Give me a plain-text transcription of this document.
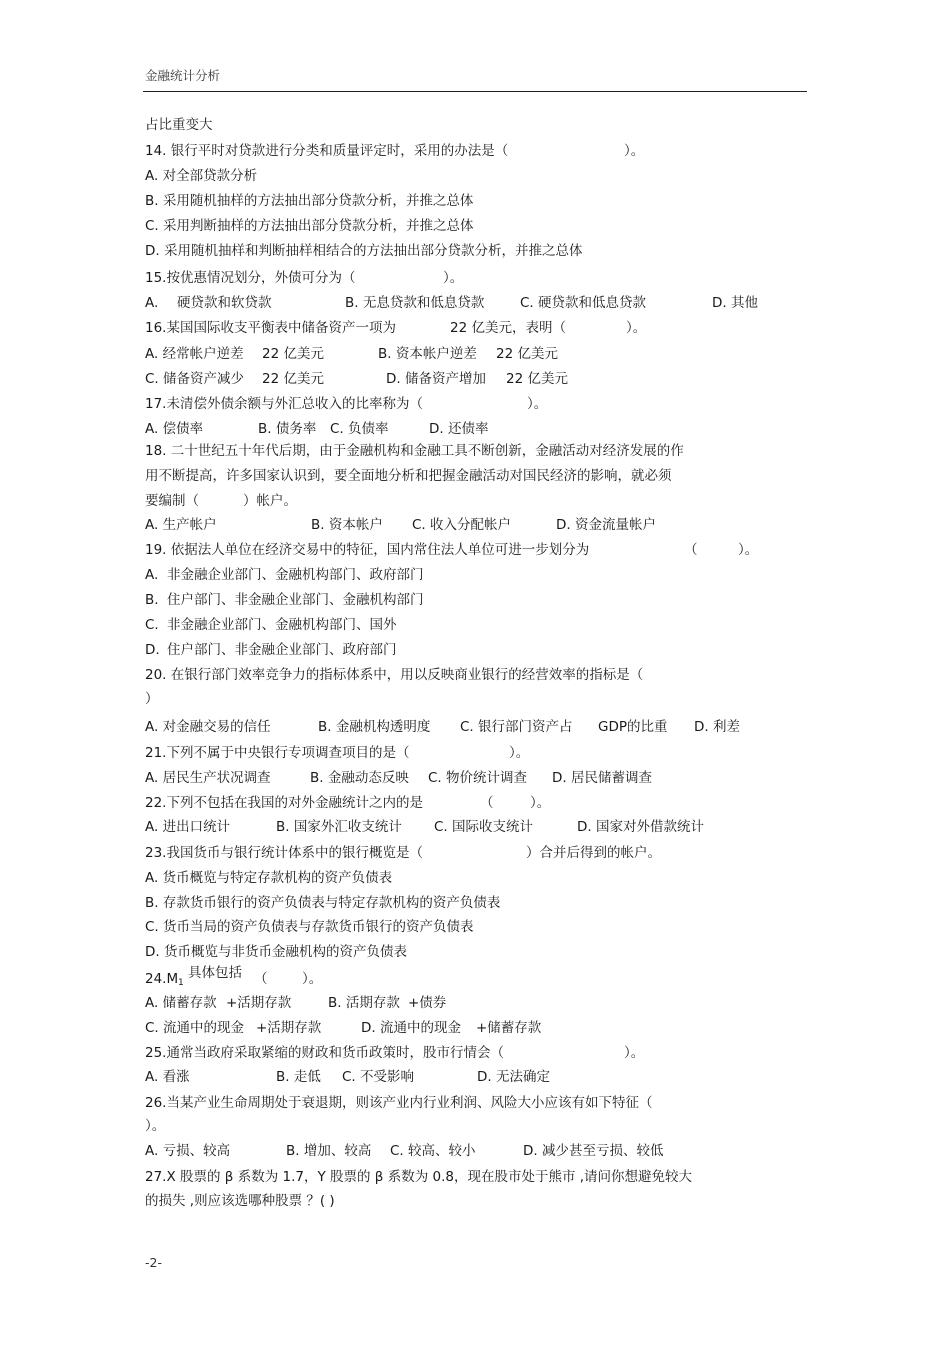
金融统计分析
占比重变大
14. 银行平时对贷款进行分类和质量评定时，采用的办法是（	）。
A. 对全部贷款分析
B. 采用随机抽样的方法抽出部分贷款分析，并推之总体
C. 采用判断抽样的方法抽出部分贷款分析，并推之总体
D. 采用随机抽样和判断抽样相结合的方法抽出部分贷款分析，并推之总体
15.按优惠情况划分，外债可分为（	）。
A. 硬贷款和软贷款	B. 无息贷款和低息贷款	C. 硬贷款和低息贷款	D. 其他
16.某国国际收支平衡表中储备资产一项为	22 亿美元，表明（	）。
A. 经常帐户逆差 22 亿美元	B. 资本帐户逆差 22 亿美元
C. 储备资产减少 22 亿美元	D. 储备资产增加 22 亿美元
17.未清偿外债余额与外汇总收入的比率称为（	）。
A. 偿债率	B. 债务率 C. 负债率	D. 还债率
18. 二十世纪五十年代后期，由于金融机构和金融工具不断创新，金融活动对经济发展的作
用不断提高，许多国家认识到，要全面地分析和把握金融活动对国民经济的影响，就必须
要编制（	）帐户。
A. 生产帐户	B. 资本帐户 C. 收入分配帐户	D. 资金流量帐户
19. 依据法人单位在经济交易中的特征，国内常住法人单位可进一步划分为	（	）。
A. 非金融企业部门、金融机构部门、政府部门
B. 住户部门、非金融企业部门、金融机构部门
C. 非金融企业部门、金融机构部门、国外
D. 住户部门、非金融企业部门、政府部门
20. 在银行部门效率竞争力的指标体系中，用以反映商业银行的经营效率的指标是（
）
A. 对金融交易的信任	B. 金融机构透明度 C. 银行部门资产占 GDP的比重 D. 利差
21.下列不属于中央银行专项调查项目的是（	）。
A. 居民生产状况调查	B. 金融动态反映 C. 物价统计调查 D. 居民储蓄调查
22.下列不包括在我国的对外金融统计之内的是	（	）。
A. 进出口统计	B. 国家外汇收支统计 C. 国际收支统计	D. 国家对外借款统计
23.我国货币与银行统计体系中的银行概览是（	）合并后得到的帐户。
A. 货币概览与特定存款机构的资产负债表
B. 存款货币银行的资产负债表与特定存款机构的资产负债表
C. 货币当局的资产负债表与存款货币银行的资产负债表
D. 货币概览与非货币金融机构的资产负债表
24.M 具体包括 （	）。
A. 储蓄存款 +活期存款	B. 活期存款 +债券
C. 流通中的现金 +活期存款	D. 流通中的现金 +储蓄存款
25.通常当政府采取紧缩的财政和货币政策时，股市行情会（	）。
A. 看涨	B. 走低 C. 不受影响	D. 无法确定
26.当某产业生命周期处于衰退期，则该产业内行业利润、风险大小应该有如下特征（
）。
A. 亏损、较高	B. 增加、较高 C. 较高、较小	D. 减少甚至亏损、较低
27.X 股票的 β 系数为 1.7，Y 股票的 β 系数为 0.8，现在股市处于熊市 ,请问你想避免较大
的损失 ,则应该选哪种股票 ？( )
1
-2-
